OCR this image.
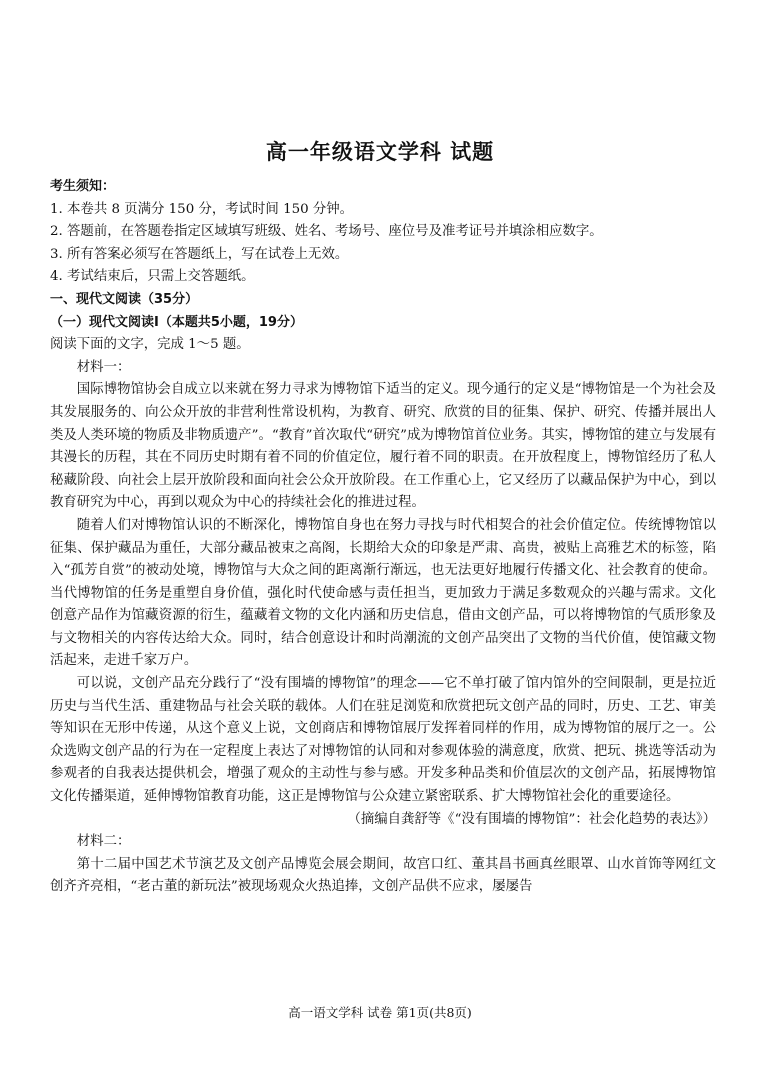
高一年级语文学科 试题

考生须知：

1. 本卷共 8 页满分 150 分，考试时间 150 分钟。

2. 答题前，在答题卷指定区域填写班级、姓名、考场号、座位号及准考证号并填涂相应数字。

3. 所有答案必须写在答题纸上，写在试卷上无效。

4. 考试结束后，只需上交答题纸。

一、现代文阅读（35分）

（一）现代文阅读Ⅰ（本题共5小题，19分）

阅读下面的文字，完成 1～5 题。

材料一：

国际博物馆协会自成立以来就在努力寻求为博物馆下适当的定义。现今通行的定义是“博物馆是一个为社会及其发展服务的、向公众开放的非营利性常设机构，为教育、研究、欣赏的目的征集、保护、研究、传播并展出人类及人类环境的物质及非物质遗产”。“教育”首次取代“研究”成为博物馆首位业务。其实，博物馆的建立与发展有其漫长的历程，其在不同历史时期有着不同的价值定位，履行着不同的职责。在开放程度上，博物馆经历了私人秘藏阶段、向社会上层开放阶段和面向社会公众开放阶段。在工作重心上，它又经历了以藏品保护为中心，到以教育研究为中心，再到以观众为中心的持续社会化的推进过程。

随着人们对博物馆认识的不断深化，博物馆自身也在努力寻找与时代相契合的社会价值定位。传统博物馆以征集、保护藏品为重任，大部分藏品被束之高阁，长期给大众的印象是严肃、高贵，被贴上高雅艺术的标签，陷入“孤芳自赏”的被动处境，博物馆与大众之间的距离渐行渐远，也无法更好地履行传播文化、社会教育的使命。当代博物馆的任务是重塑自身价值，强化时代使命感与责任担当，更加致力于满足多数观众的兴趣与需求。文化创意产品作为馆藏资源的衍生，蕴藏着文物的文化内涵和历史信息，借由文创产品，可以将博物馆的气质形象及与文物相关的内容传达给大众。同时，结合创意设计和时尚潮流的文创产品突出了文物的当代价值，使馆藏文物活起来，走进千家万户。

可以说，文创产品充分践行了“没有围墙的博物馆”的理念——它不单打破了馆内馆外的空间限制，更是拉近历史与当代生活、重建物品与社会关联的载体。人们在驻足浏览和欣赏把玩文创产品的同时，历史、工艺、审美等知识在无形中传递，从这个意义上说，文创商店和博物馆展厅发挥着同样的作用，成为博物馆的展厅之一。公众选购文创产品的行为在一定程度上表达了对博物馆的认同和对参观体验的满意度，欣赏、把玩、挑选等活动为参观者的自我表达提供机会，增强了观众的主动性与参与感。开发多种品类和价值层次的文创产品，拓展博物馆文化传播渠道，延伸博物馆教育功能，这正是博物馆与公众建立紧密联系、扩大博物馆社会化的重要途径。

（摘编自龚舒等《“没有围墙的博物馆”：社会化趋势的表达》）

材料二：

第十二届中国艺术节演艺及文创产品博览会展会期间，故宫口红、董其昌书画真丝眼罩、山水首饰等网红文创齐齐亮相，“老古董的新玩法”被现场观众火热追捧，文创产品供不应求，屡屡告

高一语文学科 试卷 第1页(共8页)
